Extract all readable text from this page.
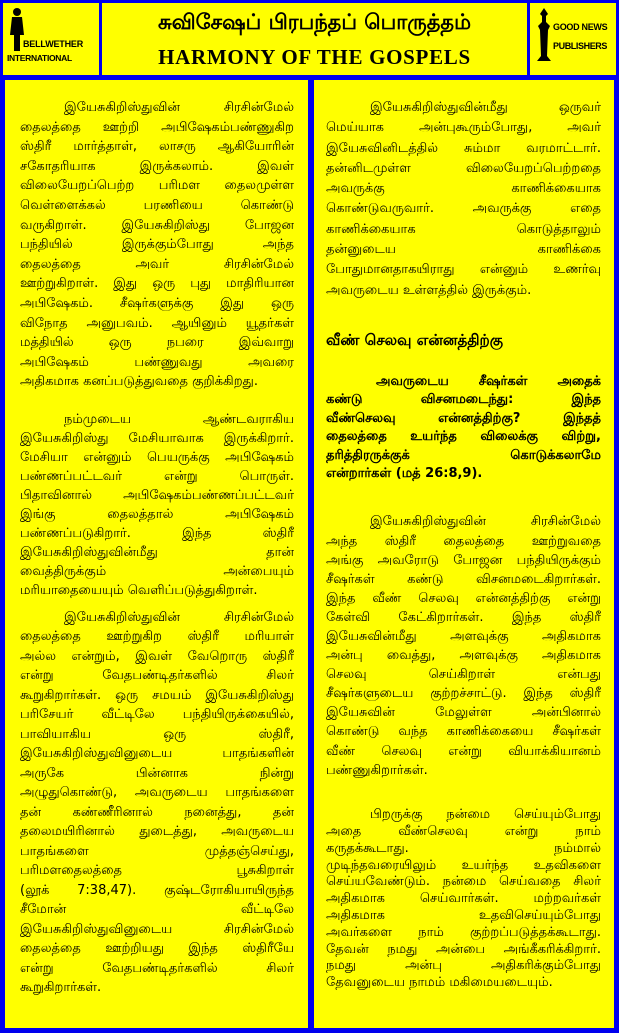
BELLWETHER
INTERNATIONAL
சுவிசேஷப் பிரபந்தப் பொருத்தம்
HARMONY OF THE GOSPELS
GOOD NEWS
PUBLISHERS
இயேசுகிறிஸ்துவின் சிரசின்மேல்
தைலத்தை ஊற்றி அபிஷேகம்பண்ணுகிற
ஸ்திரீ மார்த்தாள், லாசரு ஆகியோரின்
சகோதரியாக இருக்கலாம். இவள்
விலையேறப்பெற்ற பரிமள தைலமுள்ள
வெள்ளைக்கல் பரணியை கொண்டு
வருகிறாள். இயேசுகிறிஸ்து போஜன
பந்தியில் இருக்கும்போது அந்த
தைலத்தை அவர் சிரசின்மேல்
ஊற்றுகிறாள். இது ஒரு புது மாதிரியான
அபிஷேகம். சீஷர்களுக்கு இது ஒரு
விநோத அனுபவம். ஆயினும் யூதர்கள்
மத்தியில் ஒரு நபரை இவ்வாறு
அபிஷேகம் பண்ணுவது அவரை
அதிகமாக கனப்படுத்துவதை குறிக்கிறது.
நம்முடைய ஆண்டவராகிய
இயேசுகிறிஸ்து மேசியாவாக இருக்கிறார்.
மேசியா என்னும் பெயருக்கு அபிஷேகம்
பண்ணப்பட்டவர் என்று பொருள்.
பிதாவினால் அபிஷேகம்பண்ணப்பட்டவர்
இங்கு தைலத்தால் அபிஷேகம்
பண்ணப்படுகிறார். இந்த ஸ்திரீ
இயேசுகிறிஸ்துவின்மீது தான்
வைத்திருக்கும் அன்பையும்
மரியாதையையும் வெளிப்படுத்துகிறாள்.
இயேசுகிறிஸ்துவின் சிரசின்மேல்
தைலத்தை ஊற்றுகிற ஸ்திரீ மரியாள்
அல்ல என்றும், இவள் வேறொரு ஸ்திரீ
என்று வேதபண்டிதர்களில் சிலர்
கூறுகிறார்கள். ஒரு சமயம் இயேசுகிறிஸ்து
பரிசேயர் வீட்டிலே பந்தியிருக்கையில்,
பாவியாகிய ஒரு ஸ்திரீ,
இயேசுகிறிஸ்துவினுடைய பாதங்களின்
அருகே பின்னாக நின்று
அழுதுகொண்டு, அவருடைய பாதங்களை
தன் கண்ணீரினால் நனைத்து, தன்
தலைமயிரினால் துடைத்து, அவருடைய
பாதங்களை முத்தஞ்செய்து,
பரிமளதைலத்தை பூசுகிறாள்
(லூக் 7:38,47). குஷ்டரோகியாயிருந்த
சீமோன் வீட்டிலே
இயேசுகிறிஸ்துவினுடைய சிரசின்மேல்
தைலத்தை ஊற்றியது இந்த ஸ்திரீயே
என்று வேதபண்டிதர்களில் சிலர்
கூறுகிறார்கள்.
இயேசுகிறிஸ்துவின்மீது ஒருவர்
மெய்யாக அன்புகூரும்போது, அவர்
இயேசுவினிடத்தில் சும்மா வரமாட்டார்.
தன்னிடமுள்ள விலையேறப்பெற்றதை
அவருக்கு காணிக்கையாக
கொண்டுவருவார். அவருக்கு எதை
காணிக்கையாக கொடுத்தாலும்
தன்னுடைய காணிக்கை
போதுமானதாகயிராது என்னும் உணர்வு
அவருடைய உள்ளத்தில் இருக்கும்.
வீண் செலவு என்னத்திற்கு
அவருடைய சீஷர்கள் அதைக்
கண்டு விசனமடைந்து: இந்த
வீண்செலவு என்னத்திற்கு? இந்தத்
தைலத்தை உயர்ந்த விலைக்கு விற்று,
தரித்திரருக்குக் கொடுக்கலாமே
என்றார்கள் (மத் 26:8,9).
இயேசுகிறிஸ்துவின் சிரசின்மேல்
அந்த ஸ்திரீ தைலத்தை ஊற்றுவதை
அங்கு அவரோடு போஜன பந்தியிருக்கும்
சீஷர்கள் கண்டு விசனமடைகிறார்கள்.
இந்த வீண் செலவு என்னத்திற்கு என்று
கேள்வி கேட்கிறார்கள். இந்த ஸ்திரீ
இயேசுவின்மீது அளவுக்கு அதிகமாக
அன்பு வைத்து, அளவுக்கு அதிகமாக
செலவு செய்கிறாள் என்பது
சீஷர்களுடைய குற்றச்சாட்டு. இந்த ஸ்திரீ
இயேசுவின் மேலுள்ள அன்பினால்
கொண்டு வந்த காணிக்கையை சீஷர்கள்
வீண் செலவு என்று வியாக்கியானம்
பண்ணுகிறார்கள்.
பிறருக்கு நன்மை செய்யும்போது
அதை வீண்செலவு என்று நாம்
கருதக்கூடாது. நம்மால்
முடிந்தவரையிலும் உயர்ந்த உதவிகளை
செய்யவேண்டும். நன்மை செய்வதை சிலர்
அதிகமாக செய்வார்கள். மற்றவர்கள்
அதிகமாக உதவிசெய்யும்போது
அவர்களை நாம் குற்றப்படுத்தக்கூடாது.
தேவன் நமது அன்பை அங்கீகரிக்கிறார்.
நமது அன்பு அதிகரிக்கும்போது
தேவனுடைய நாமம் மகிமையடையும்.
